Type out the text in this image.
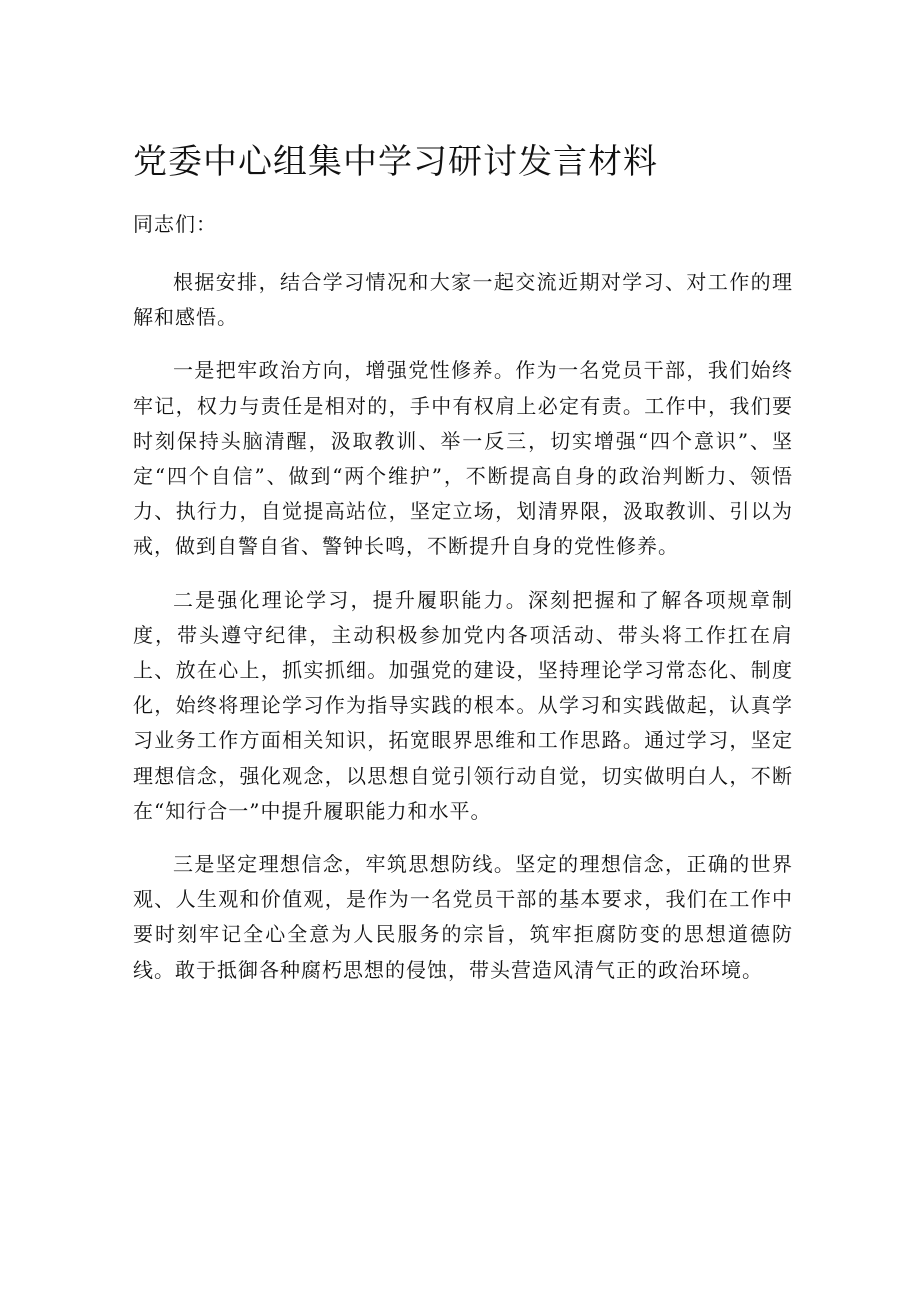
党委中心组集中学习研讨发言材料

同志们：

根据安排，结合学习情况和大家一起交流近期对学习、对工作的理解和感悟。

一是把牢政治方向，增强党性修养。作为一名党员干部，我们始终牢记，权力与责任是相对的，手中有权肩上必定有责。工作中，我们要时刻保持头脑清醒，汲取教训、举一反三，切实增强“四个意识”、坚定“四个自信”、做到“两个维护”，不断提高自身的政治判断力、领悟力、执行力，自觉提高站位，坚定立场，划清界限，汲取教训、引以为戒，做到自警自省、警钟长鸣，不断提升自身的党性修养。

二是强化理论学习，提升履职能力。深刻把握和了解各项规章制度，带头遵守纪律，主动积极参加党内各项活动、带头将工作扛在肩上、放在心上，抓实抓细。加强党的建设，坚持理论学习常态化、制度化，始终将理论学习作为指导实践的根本。从学习和实践做起，认真学习业务工作方面相关知识，拓宽眼界思维和工作思路。通过学习，坚定理想信念，强化观念，以思想自觉引领行动自觉，切实做明白人，不断在“知行合一”中提升履职能力和水平。

三是坚定理想信念，牢筑思想防线。坚定的理想信念，正确的世界观、人生观和价值观，是作为一名党员干部的基本要求，我们在工作中要时刻牢记全心全意为人民服务的宗旨，筑牢拒腐防变的思想道德防线。敢于抵御各种腐朽思想的侵蚀，带头营造风清气正的政治环境。
